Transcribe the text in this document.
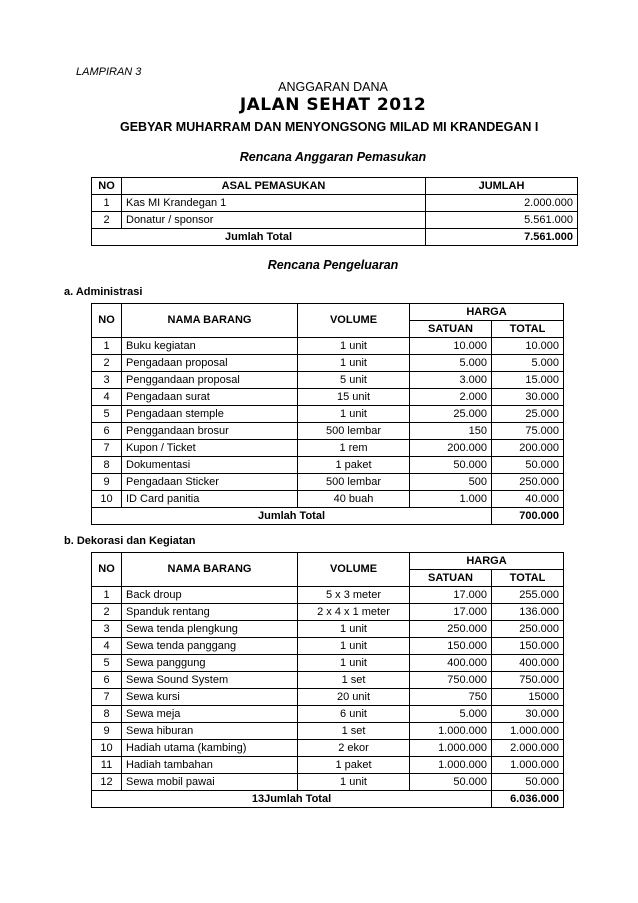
LAMPIRAN 3
ANGGARAN DANA
JALAN SEHAT 2012
GEBYAR MUHARRAM DAN MENYONGSONG MILAD MI KRANDEGAN I
Rencana Anggaran Pemasukan
NO	ASAL PEMASUKAN	JUMLAH
1	Kas MI Krandegan 1	2.000.000
2	Donatur / sponsor	5.561.000
Jumlah Total		7.561.000
Rencana Pengeluaran
a. Administrasi
NO	NAMA BARANG	VOLUME	HARGA	
			SATUAN	TOTAL
1	Buku kegiatan	1 unit	10.000	10.000
2	Pengadaan proposal	1 unit	5.000	5.000
3	Penggandaan proposal	5 unit	3.000	15.000
4	Pengadaan surat	15 unit	2.000	30.000
5	Pengadaan stemple	1 unit	25.000	25.000
6	Penggandaan brosur	500 lembar	150	75.000
7	Kupon / Ticket	1 rem	200.000	200.000
8	Dokumentasi	1 paket	50.000	50.000
9	Pengadaan Sticker	500 lembar	500	250.000
10	ID Card panitia	40 buah	1.000	40.000
Jumlah Total				700.000
b. Dekorasi dan Kegiatan
NO	NAMA BARANG	VOLUME	HARGA	
			SATUAN	TOTAL
1	Back droup	5 x 3 meter	17.000	255.000
2	Spanduk rentang	2 x 4 x 1 meter	17.000	136.000
3	Sewa tenda plengkung	1 unit	250.000	250.000
4	Sewa tenda panggang	1 unit	150.000	150.000
5	Sewa panggung	1 unit	400.000	400.000
6	Sewa Sound System	1 set	750.000	750.000
7	Sewa kursi	20 unit	750	15000
8	Sewa meja	6 unit	5.000	30.000
9	Sewa hiburan	1 set	1.000.000	1.000.000
10	Hadiah utama (kambing)	2 ekor	1.000.000	2.000.000
11	Hadiah tambahan	1 paket	1.000.000	1.000.000
12	Sewa mobil pawai	1 unit	50.000	50.000
13Jumlah Total				6.036.000
